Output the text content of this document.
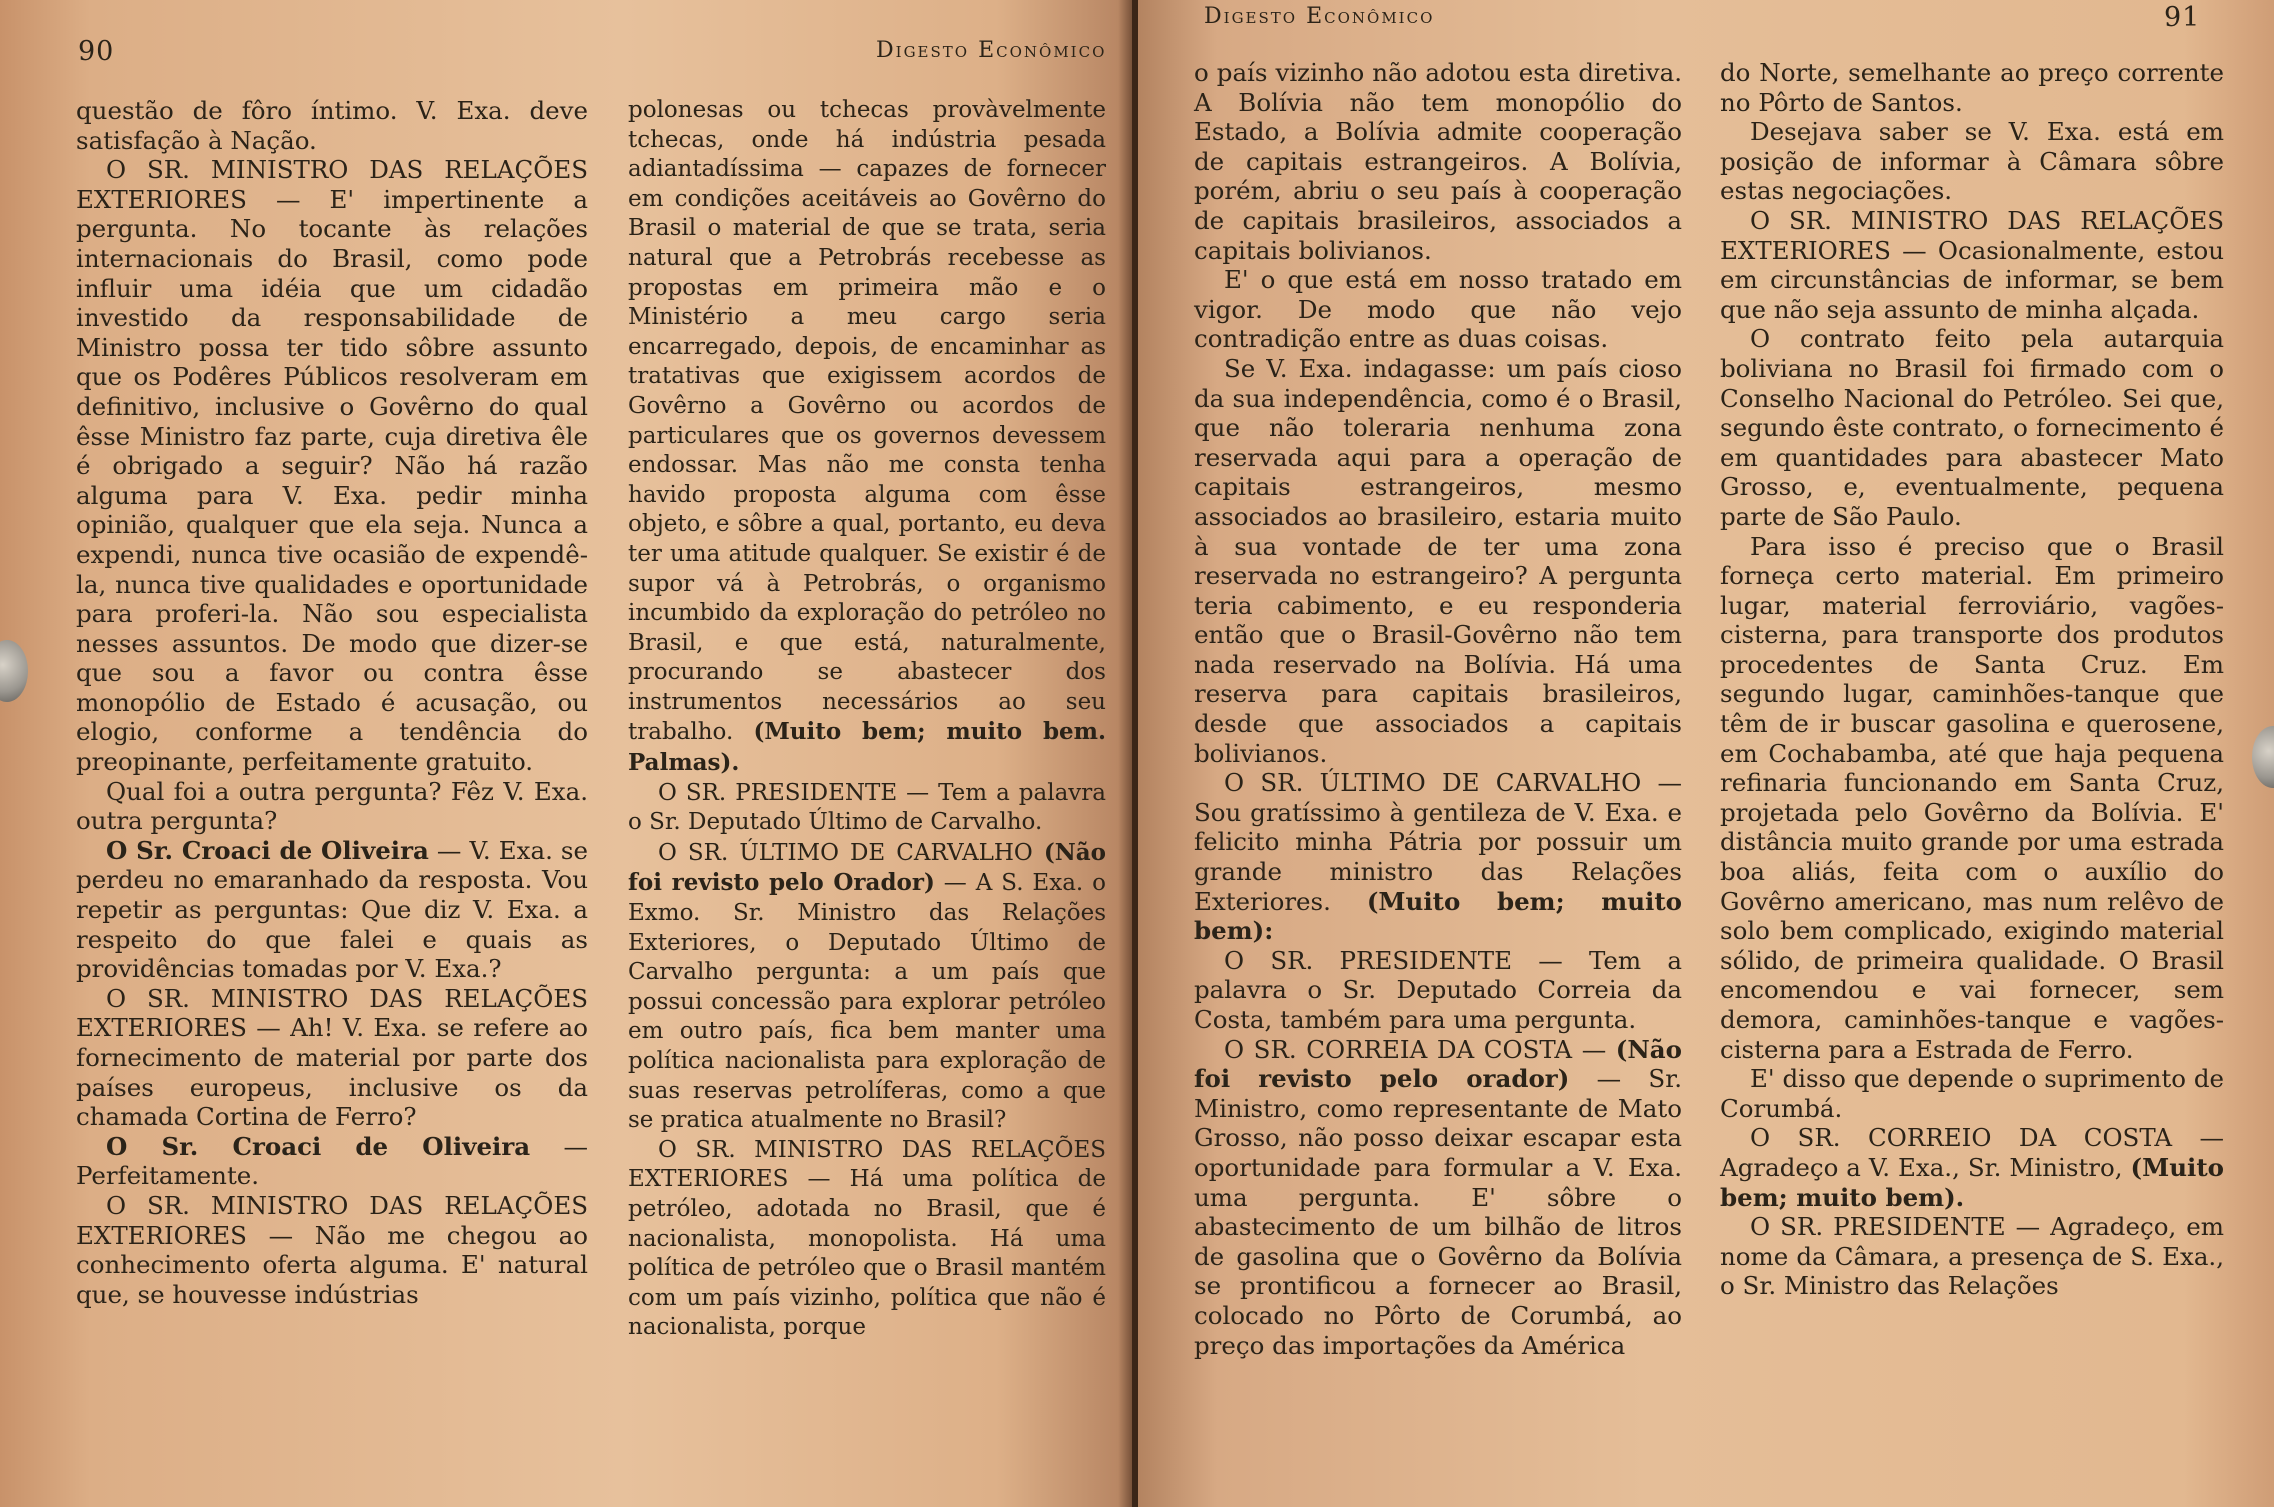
90	Digesto Econômico

questão de fôro íntimo. V. Exa. deve satisfação à Nação.

O SR. MINISTRO DAS RELAÇÕES EXTERIORES — E' impertinente a pergunta. No tocante às relações internacionais do Brasil, como pode influir uma idéia que um cidadão investido da responsabilidade de Ministro possa ter tido sôbre assunto que os Podêres Públicos resolveram em definitivo, inclusive o Govêrno do qual êsse Ministro faz parte, cuja diretiva êle é obrigado a seguir? Não há razão alguma para V. Exa. pedir minha opinião, qualquer que ela seja. Nunca a expendi, nunca tive ocasião de expendê-la, nunca tive qualidades e oportunidade para proferi-la. Não sou especialista nesses assuntos. De modo que dizer-se que sou a favor ou contra êsse monopólio de Estado é acusação, ou elogio, conforme a tendência do preopinante, perfeitamente gratuito.

Qual foi a outra pergunta? Fêz V. Exa. outra pergunta?

O Sr. Croaci de Oliveira — V. Exa. se perdeu no emaranhado da resposta. Vou repetir as perguntas: Que diz V. Exa. a respeito do que falei e quais as providências tomadas por V. Exa.?

O SR. MINISTRO DAS RELAÇÕES EXTERIORES — Ah! V. Exa. se refere ao fornecimento de material por parte dos países europeus, inclusive os da chamada Cortina de Ferro?

O Sr. Croaci de Oliveira — Perfeitamente.

O SR. MINISTRO DAS RELAÇÕES EXTERIORES — Não me chegou ao conhecimento oferta alguma. E' natural que, se houvesse indústrias

polonesas ou tchecas provàvelmente tchecas, onde há indústria pesada adiantadíssima — capazes de fornecer em condições aceitáveis ao Govêrno do Brasil o material de que se trata, seria natural que a Petrobrás recebesse as propostas em primeira mão e o Ministério a meu cargo seria encarregado, depois, de encaminhar as tratativas que exigissem acordos de Govêrno a Govêrno ou acordos de particulares que os governos devessem endossar. Mas não me consta tenha havido proposta alguma com êsse objeto, e sôbre a qual, portanto, eu deva ter uma atitude qualquer. Se existir é de supor vá à Petrobrás, o organismo incumbido da exploração do petróleo no Brasil, e que está, naturalmente, procurando se abastecer dos instrumentos necessários ao seu trabalho. (Muito bem; muito bem. Palmas).

O SR. PRESIDENTE — Tem a palavra o Sr. Deputado Último de Carvalho.

O SR. ÚLTIMO DE CARVALHO (Não foi revisto pelo Orador) — A S. Exa. o Exmo. Sr. Ministro das Relações Exteriores, o Deputado Último de Carvalho pergunta: a um país que possui concessão para explorar petróleo em outro país, fica bem manter uma política nacionalista para exploração de suas reservas petrolíferas, como a que se pratica atualmente no Brasil?

O SR. MINISTRO DAS RELAÇÕES EXTERIORES — Há uma política de petróleo, adotada no Brasil, que é nacionalista, monopolista. Há uma política de petróleo que o Brasil mantém com um país vizinho, política que não é nacionalista, porque

Digesto Econômico	91

o país vizinho não adotou esta diretiva. A Bolívia não tem monopólio do Estado, a Bolívia admite cooperação de capitais estrangeiros. A Bolívia, porém, abriu o seu país à cooperação de capitais brasileiros, associados a capitais bolivianos.

E' o que está em nosso tratado em vigor. De modo que não vejo contradição entre as duas coisas.

Se V. Exa. indagasse: um país cioso da sua independência, como é o Brasil, que não toleraria nenhuma zona reservada aqui para a operação de capitais estrangeiros, mesmo associados ao brasileiro, estaria muito à sua vontade de ter uma zona reservada no estrangeiro? A pergunta teria cabimento, e eu responderia então que o Brasil-Govêrno não tem nada reservado na Bolívia. Há uma reserva para capitais brasileiros, desde que associados a capitais bolivianos.

O SR. ÚLTIMO DE CARVALHO — Sou gratíssimo à gentileza de V. Exa. e felicito minha Pátria por possuir um grande ministro das Relações Exteriores. (Muito bem; muito bem):

O SR. PRESIDENTE — Tem a palavra o Sr. Deputado Correia da Costa, também para uma pergunta.

O SR. CORREIA DA COSTA — (Não foi revisto pelo orador) — Sr. Ministro, como representante de Mato Grosso, não posso deixar escapar esta oportunidade para formular a V. Exa. uma pergunta. E' sôbre o abastecimento de um bilhão de litros de gasolina que o Govêrno da Bolívia se prontificou a fornecer ao Brasil, colocado no Pôrto de Corumbá, ao preço das importações da América

do Norte, semelhante ao preço corrente no Pôrto de Santos.

Desejava saber se V. Exa. está em posição de informar à Câmara sôbre estas negociações.

O SR. MINISTRO DAS RELAÇÕES EXTERIORES — Ocasionalmente, estou em circunstâncias de informar, se bem que não seja assunto de minha alçada.

O contrato feito pela autarquia boliviana no Brasil foi firmado com o Conselho Nacional do Petróleo. Sei que, segundo êste contrato, o fornecimento é em quantidades para abastecer Mato Grosso, e, eventualmente, pequena parte de São Paulo.

Para isso é preciso que o Brasil forneça certo material. Em primeiro lugar, material ferroviário, vagões-cisterna, para transporte dos produtos procedentes de Santa Cruz. Em segundo lugar, caminhões-tanque que têm de ir buscar gasolina e querosene, em Cochabamba, até que haja pequena refinaria funcionando em Santa Cruz, projetada pelo Govêrno da Bolívia. E' distância muito grande por uma estrada boa aliás, feita com o auxílio do Govêrno americano, mas num relêvo de solo bem complicado, exigindo material sólido, de primeira qualidade. O Brasil encomendou e vai fornecer, sem demora, caminhões-tanque e vagões-cisterna para a Estrada de Ferro.

E' disso que depende o suprimento de Corumbá.

O SR. CORREIO DA COSTA — Agradeço a V. Exa., Sr. Ministro, (Muito bem; muito bem).

O SR. PRESIDENTE — Agradeço, em nome da Câmara, a presença de S. Exa., o Sr. Ministro das Relações
